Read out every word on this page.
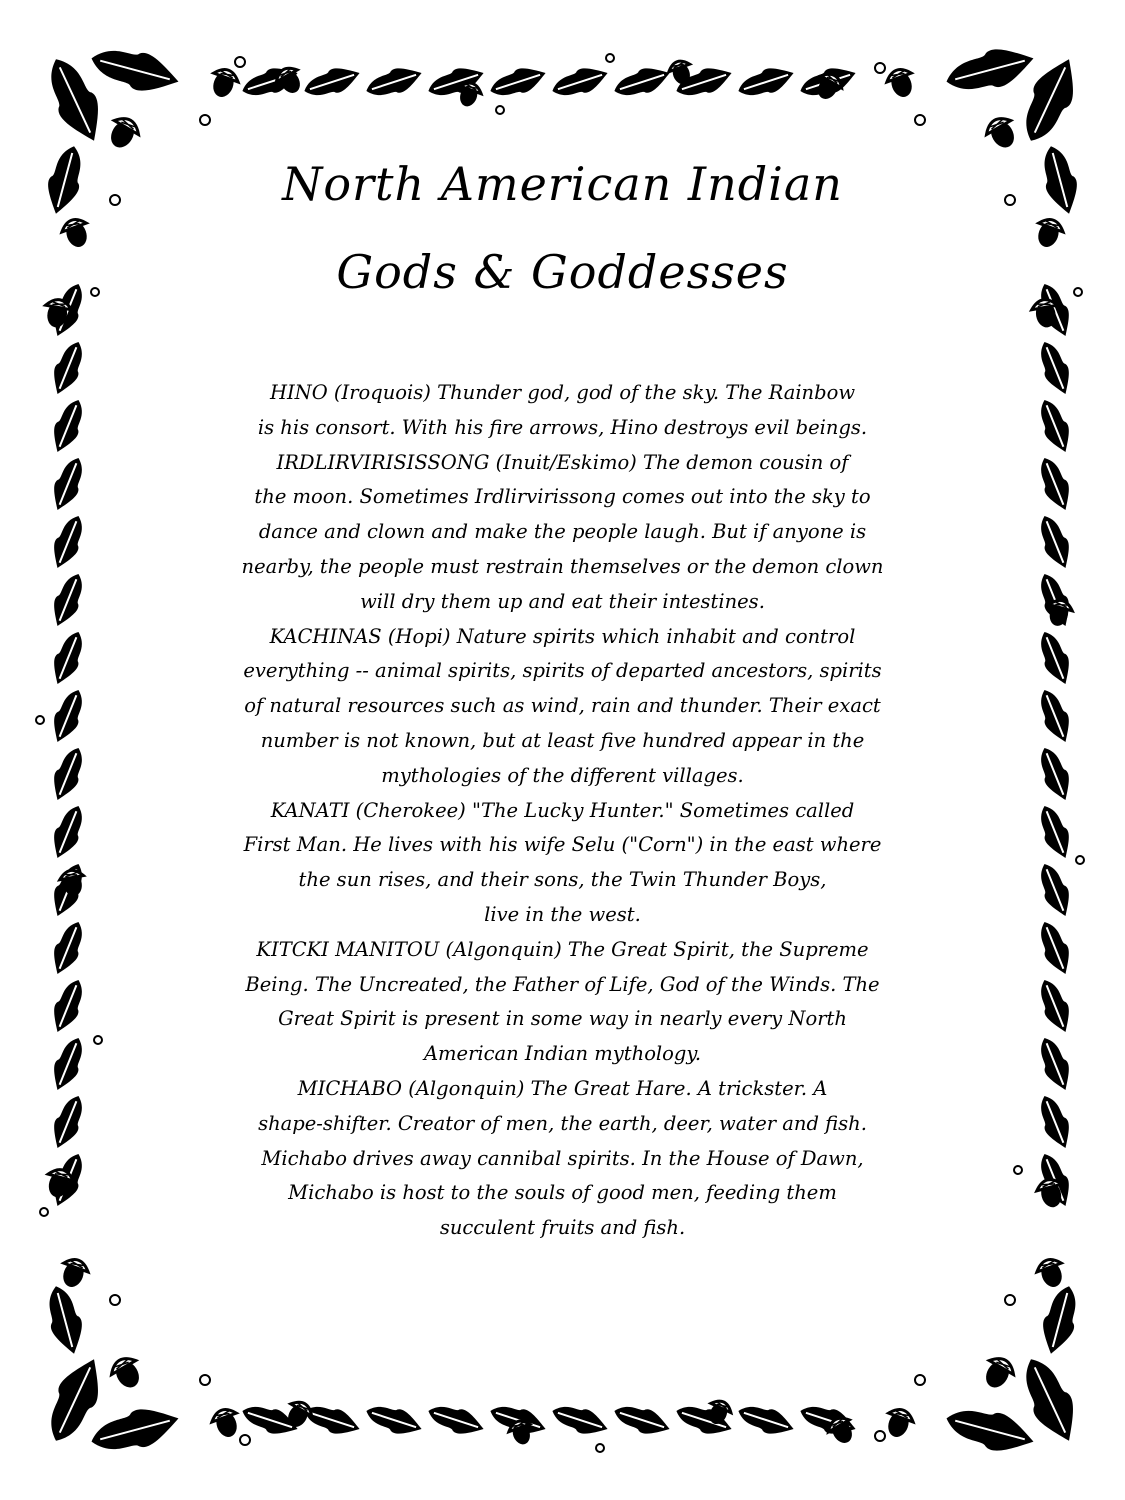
North American Indian
Gods & Goddesses
HINO (Iroquois) Thunder god, god of the sky. The Rainbow
is his consort. With his fire arrows, Hino destroys evil beings.
IRDLIRVIRISISSONG (Inuit/Eskimo) The demon cousin of
the moon. Sometimes Irdlirvirissong comes out into the sky to
dance and clown and make the people laugh. But if anyone is
nearby, the people must restrain themselves or the demon clown
will dry them up and eat their intestines.
KACHINAS (Hopi) Nature spirits which inhabit and control
everything -- animal spirits, spirits of departed ancestors, spirits
of natural resources such as wind, rain and thunder. Their exact
number is not known, but at least five hundred appear in the
mythologies of the different villages.
KANATI (Cherokee) "The Lucky Hunter." Sometimes called
First Man. He lives with his wife Selu ("Corn") in the east where
the sun rises, and their sons, the Twin Thunder Boys,
live in the west.
KITCKI MANITOU (Algonquin) The Great Spirit, the Supreme
Being. The Uncreated, the Father of Life, God of the Winds. The
Great Spirit is present in some way in nearly every North
American Indian mythology.
MICHABO (Algonquin) The Great Hare. A trickster. A
shape-shifter. Creator of men, the earth, deer, water and fish.
Michabo drives away cannibal spirits. In the House of Dawn,
Michabo is host to the souls of good men, feeding them
succulent fruits and fish.
